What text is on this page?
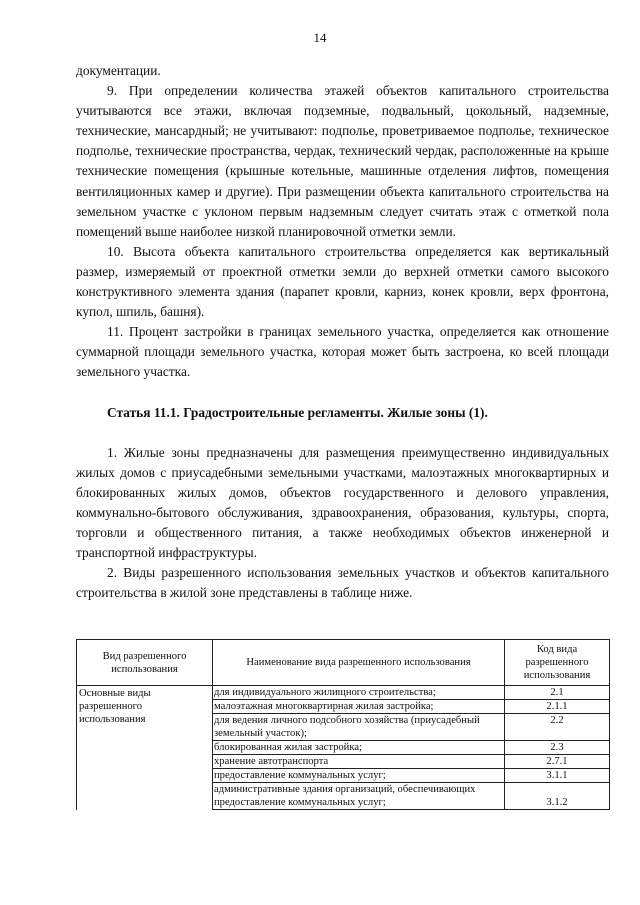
14

документации.

9. При определении количества этажей объектов капитального строительства учитываются все этажи, включая подземные, подвальный, цокольный, надземные, технические, мансардный; не учитывают: подполье, проветриваемое подполье, техническое подполье, технические пространства, чердак, технический чердак, расположенные на крыше технические помещения (крышные котельные, машинные отделения лифтов, помещения вентиляционных камер и другие). При размещении объекта капитального строительства на земельном участке с уклоном первым надземным следует считать этаж с отметкой пола помещений выше наиболее низкой планировочной отметки земли.

10. Высота объекта капитального строительства определяется как вертикальный размер, измеряемый от проектной отметки земли до верхней отметки самого высокого конструктивного элемента здания (парапет кровли, карниз, конек кровли, верх фронтона, купол, шпиль, башня).

11. Процент застройки в границах земельного участка, определяется как отношение суммарной площади земельного участка, которая может быть застроена, ко всей площади земельного участка.

Статья 11.1. Градостроительные регламенты. Жилые зоны (1).

1. Жилые зоны предназначены для размещения преимущественно индивидуальных жилых домов с приусадебными земельными участками, малоэтажных многоквартирных и блокированных жилых домов, объектов государственного и делового управления, коммунально-бытового обслуживания, здравоохранения, образования, культуры, спорта, торговли и общественного питания, а также необходимых объектов инженерной и транспортной инфраструктуры.

2. Виды разрешенного использования земельных участков и объектов капитального строительства в жилой зоне представлены в таблице ниже.

Вид разрешенного использования	Наименование вида разрешенного использования	Код вида разрешенного использования
Основные виды разрешенного использования	для индивидуального жилищного строительства;	2.1
	малоэтажная многоквартирная жилая застройка;	2.1.1
	для ведения личного подсобного хозяйства (приусадебный земельный участок);	2.2
	блокированная жилая застройка;	2.3
	хранение автотранспорта	2.7.1
	предоставление коммунальных услуг;	3.1.1
	административные здания организаций, обеспечивающих предоставление коммунальных услуг;	3.1.2
